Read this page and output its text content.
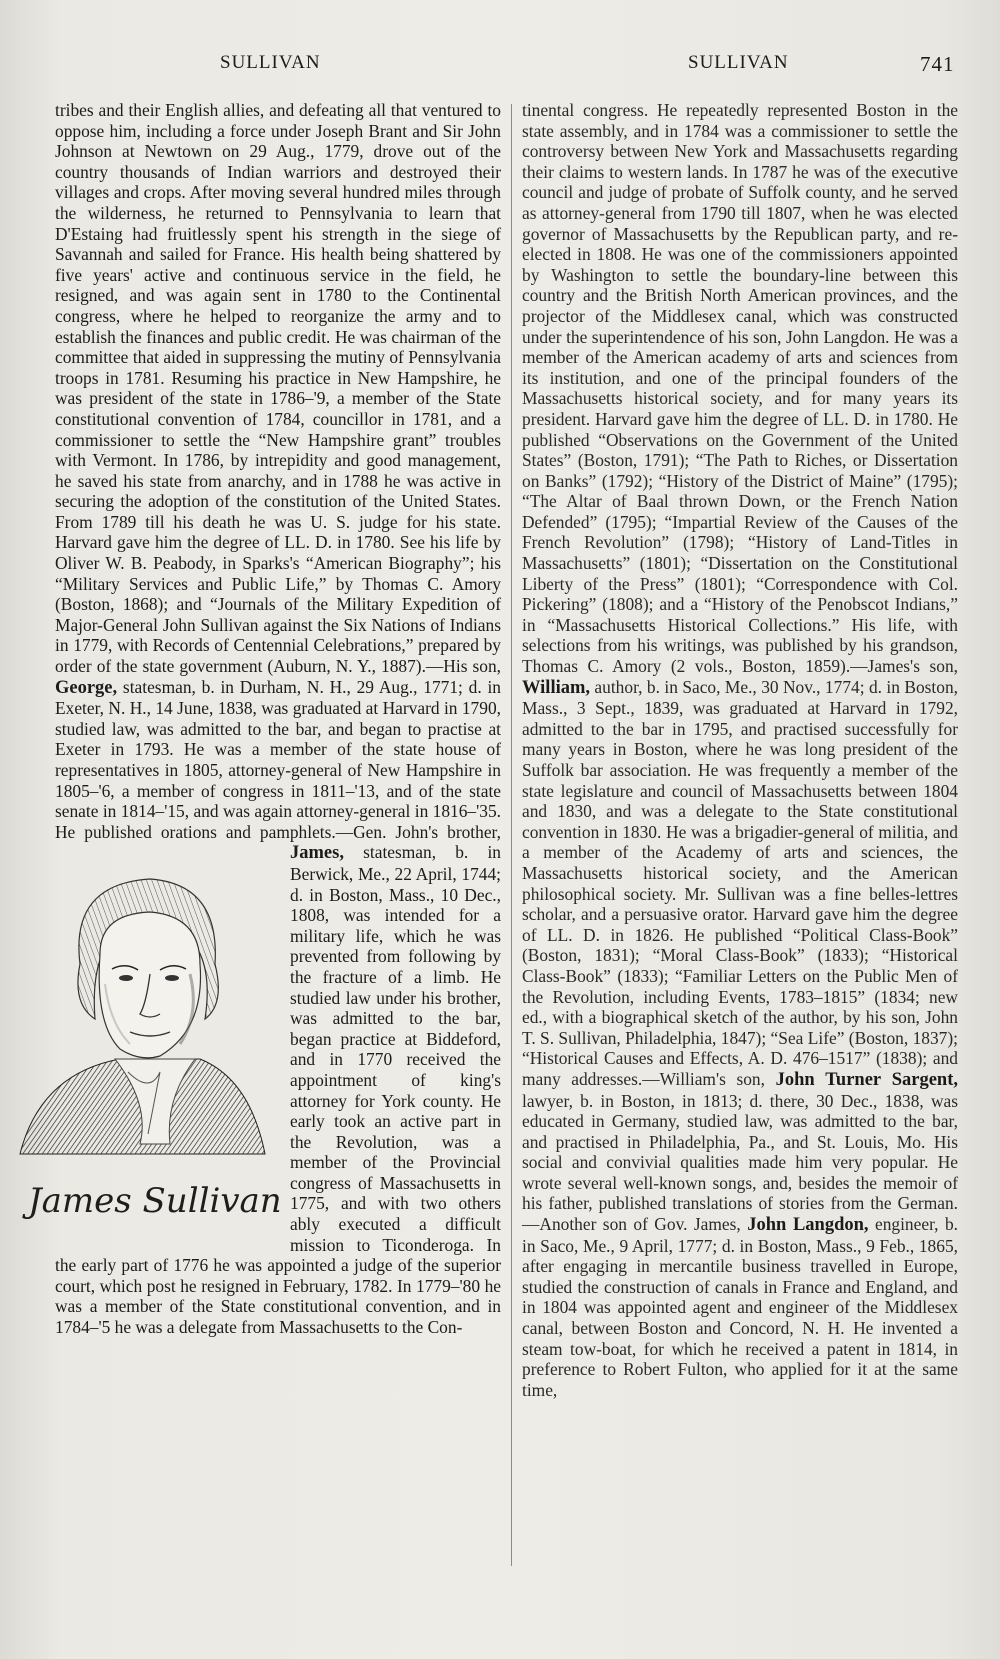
SULLIVAN	SULLIVAN	741

tribes and their English allies, and defeating all that ventured to oppose him, including a force under Joseph Brant and Sir John Johnson at Newtown on 29 Aug., 1779, drove out of the country thousands of Indian warriors and destroyed their villages and crops. After moving several hundred miles through the wilderness, he returned to Pennsylvania to learn that D'Estaing had fruitlessly spent his strength in the siege of Savannah and sailed for France. His health being shattered by five years' active and continuous service in the field, he resigned, and was again sent in 1780 to the Continental congress, where he helped to reorganize the army and to establish the finances and public credit. He was chairman of the committee that aided in suppressing the mutiny of Pennsylvania troops in 1781. Resuming his practice in New Hampshire, he was president of the state in 1786–'9, a member of the State constitutional convention of 1784, councillor in 1781, and a commissioner to settle the “New Hampshire grant” troubles with Vermont. In 1786, by intrepidity and good management, he saved his state from anarchy, and in 1788 he was active in securing the adoption of the constitution of the United States. From 1789 till his death he was U. S. judge for his state. Harvard gave him the degree of LL. D. in 1780. See his life by Oliver W. B. Peabody, in Sparks's “American Biography”; his “Military Services and Public Life,” by Thomas C. Amory (Boston, 1868); and “Journals of the Military Expedition of Major-General John Sullivan against the Six Nations of Indians in 1779, with Records of Centennial Celebrations,” prepared by order of the state government (Auburn, N. Y., 1887).—His son, George, statesman, b. in Durham, N. H., 29 Aug., 1771; d. in Exeter, N. H., 14 June, 1838, was graduated at Harvard in 1790, studied law, was admitted to the bar, and began to practise at Exeter in 1793. He was a member of the state house of representatives in 1805, attorney-general of New Hampshire in 1805–'6, a member of congress in 1811–'13, and of the state senate in 1814–'15, and was again attorney-general in 1816–'35. He published orations and pamphlets.—Gen. John's brother, James,
James Sullivan
statesman, b. in Berwick, Me., 22 April, 1744; d. in Boston, Mass., 10 Dec., 1808, was intended for a military life, which he was prevented from following by the fracture of a limb. He studied law under his brother, was admitted to the bar, began practice at Biddeford, and in 1770 received the appointment of king's attorney for York county. He early took an active part in the Revolution, was a member of the Provincial congress of Massachusetts in 1775, and with two others ably executed a difficult mission to Ticonderoga. In the early part of 1776 he was appointed a judge of the superior court, which post he resigned in February, 1782. In 1779–'80 he was a member of the State constitutional convention, and in 1784–'5 he was a delegate from Massachusetts to the Con-

tinental congress. He repeatedly represented Boston in the state assembly, and in 1784 was a commissioner to settle the controversy between New York and Massachusetts regarding their claims to western lands. In 1787 he was of the executive council and judge of probate of Suffolk county, and he served as attorney-general from 1790 till 1807, when he was elected governor of Massachusetts by the Republican party, and re-elected in 1808. He was one of the commissioners appointed by Washington to settle the boundary-line between this country and the British North American provinces, and the projector of the Middlesex canal, which was constructed under the superintendence of his son, John Langdon. He was a member of the American academy of arts and sciences from its institution, and one of the principal founders of the Massachusetts historical society, and for many years its president. Harvard gave him the degree of LL. D. in 1780. He published “Observations on the Government of the United States” (Boston, 1791); “The Path to Riches, or Dissertation on Banks” (1792); “History of the District of Maine” (1795); “The Altar of Baal thrown Down, or the French Nation Defended” (1795); “Impartial Review of the Causes of the French Revolution” (1798); “History of Land-Titles in Massachusetts” (1801); “Dissertation on the Constitutional Liberty of the Press” (1801); “Correspondence with Col. Pickering” (1808); and a “History of the Penobscot Indians,” in “Massachusetts Historical Collections.” His life, with selections from his writings, was published by his grandson, Thomas C. Amory (2 vols., Boston, 1859).—James's son, William, author, b. in Saco, Me., 30 Nov., 1774; d. in Boston, Mass., 3 Sept., 1839, was graduated at Harvard in 1792, admitted to the bar in 1795, and practised successfully for many years in Boston, where he was long president of the Suffolk bar association. He was frequently a member of the state legislature and council of Massachusetts between 1804 and 1830, and was a delegate to the State constitutional convention in 1830. He was a brigadier-general of militia, and a member of the Academy of arts and sciences, the Massachusetts historical society, and the American philosophical society. Mr. Sullivan was a fine belles-lettres scholar, and a persuasive orator. Harvard gave him the degree of LL. D. in 1826. He published “Political Class-Book” (Boston, 1831); “Moral Class-Book” (1833); “Historical Class-Book” (1833); “Familiar Letters on the Public Men of the Revolution, including Events, 1783–1815” (1834; new ed., with a biographical sketch of the author, by his son, John T. S. Sullivan, Philadelphia, 1847); “Sea Life” (Boston, 1837); “Historical Causes and Effects, A. D. 476–1517” (1838); and many addresses.—William's son, John Turner Sargent, lawyer, b. in Boston, in 1813; d. there, 30 Dec., 1838, was educated in Germany, studied law, was admitted to the bar, and practised in Philadelphia, Pa., and St. Louis, Mo. His social and convivial qualities made him very popular. He wrote several well-known songs, and, besides the memoir of his father, published translations of stories from the German.—Another son of Gov. James, John Langdon, engineer, b. in Saco, Me., 9 April, 1777; d. in Boston, Mass., 9 Feb., 1865, after engaging in mercantile business travelled in Europe, studied the construction of canals in France and England, and in 1804 was appointed agent and engineer of the Middlesex canal, between Boston and Concord, N. H. He invented a steam tow-boat, for which he received a patent in 1814, in preference to Robert Fulton, who applied for it at the same time,
